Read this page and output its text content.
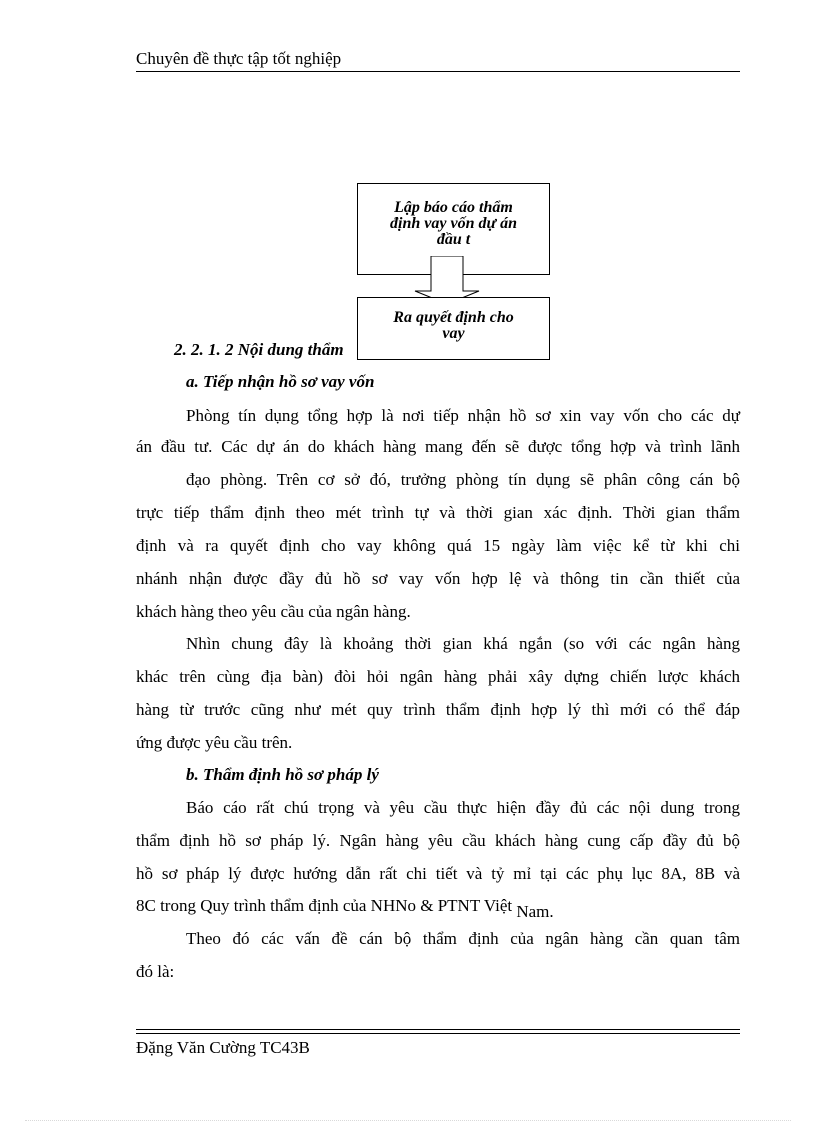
Chuyên đề thực tập tốt nghiệp
Lập báo cáo thẩm
định vay vốn dự án
đầu t
Ra quyết định cho
vay
2. 2. 1. 2 Nội dung thẩm
a. Tiếp nhận hồ sơ vay vốn
Phòng tín dụng tổng hợp là nơi tiếp nhận hồ sơ xin vay vốn cho các dự
án đầu tư. Các dự án do khách hàng mang đến sẽ được tổng hợp và trình lãnh
đạo phòng. Trên cơ sở đó, trưởng phòng tín dụng sẽ phân công cán bộ
trực tiếp thẩm định theo mét trình tự và thời gian xác định. Thời gian thẩm
định và ra quyết định cho vay không quá 15 ngày làm việc kể từ khi chi
nhánh nhận được đầy đủ hồ sơ vay vốn hợp lệ và thông tin cần thiết của
khách hàng theo yêu cầu của ngân hàng.
Nhìn chung đây là khoảng thời gian khá ngắn (so với các ngân hàng
khác trên cùng địa bàn) đòi hỏi ngân hàng phải xây dựng chiến lược khách
hàng từ trước cũng như mét quy trình thẩm định hợp lý thì mới có thể đáp
ứng được yêu cầu trên.
b. Thẩm định hồ sơ pháp lý
Báo cáo rất chú trọng và yêu cầu thực hiện đầy đủ các nội dung trong
thẩm định hồ sơ pháp lý. Ngân hàng yêu cầu khách hàng cung cấp đầy đủ bộ
hồ sơ pháp lý được hướng dẫn rất chi tiết và tỷ mỉ tại các phụ lục 8A, 8B và
8C trong Quy trình thẩm định của NHNo & PTNT Việt Nam.
Theo đó các vấn đề cán bộ thẩm định của ngân hàng cần quan tâm
đó là:
Đặng Văn Cường TC43B
